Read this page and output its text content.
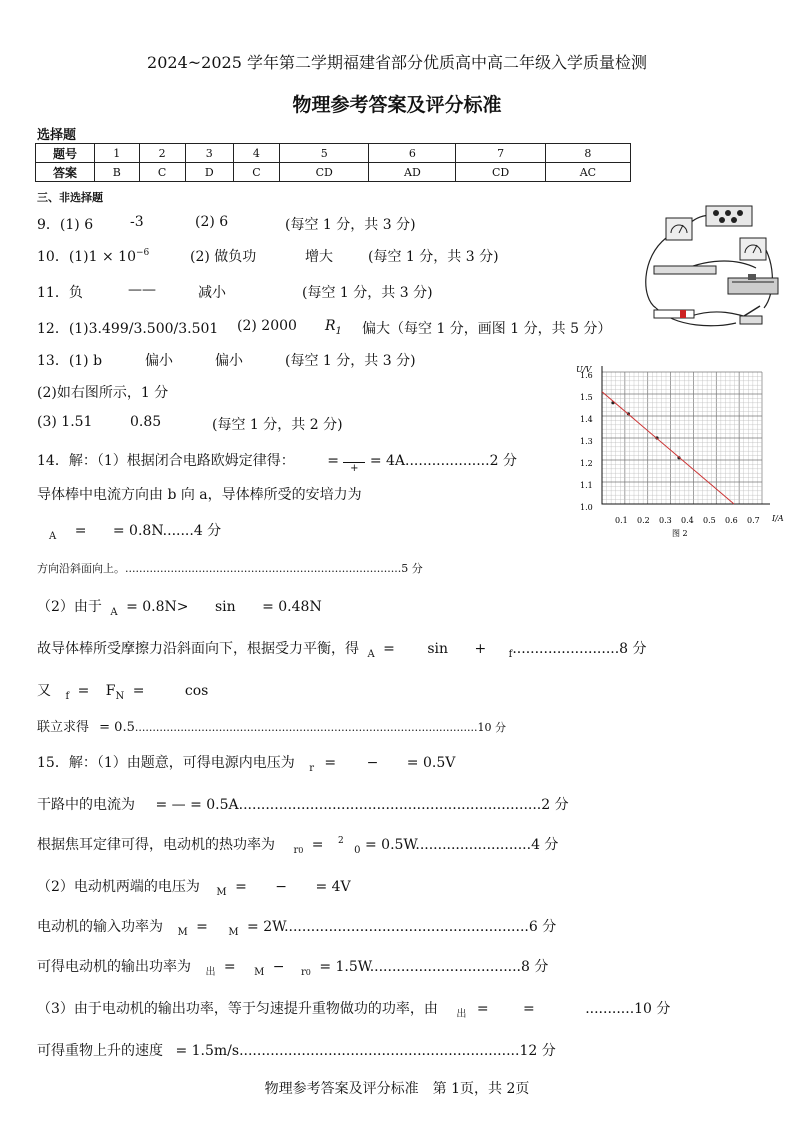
2024~2025 学年第二学期福建省部分优质高中高二年级入学质量检测
物理参考答案及评分标准
选择题
题号	1	2	3	4	5	6	7	8
答案	B	C	D	C	CD	AD	CD	AC
三、非选择题
9．(1) 6	-3	(2) 6	(每空 1 分，共 3 分)
10．$(1)1 \times 10^{-6}$	(2) 做负功	增大	(每空 1 分，共 3 分)
11．负	——	减小	(每空 1 分，共 3 分)
12．(1)3.499/3.500/3.501 (2) 2000 $R_1$ 偏大（每空 1 分，画图 1 分，共 5 分）
13．(1) b	偏小	偏小	(每空 1 分，共 3 分)
(2)如右图所示，1 分
(3) 1.51	0.85	(每空 1 分，共 2 分)
14．解：（1）根据闭合电路欧姆定律得： = + = 4A...................2 分
导体棒中电流方向由 b 向 a，导体棒所受的安培力为
$_A$ = = 0.8N.......4 分
方向沿斜面向上。...............................................................................5 分
（2）由于 $_A$ = 0.8N> sin = 0.48N
故导体棒所受摩擦力沿斜面向下，根据受力平衡，得 $_A$ = sin + $_f$........................8 分
又 $_f = F_N$ =	cos
联立求得 = 0.5..................................................................................................10 分
15．解：（1）由题意，可得电源内电压为 $_r$ = − = 0.5V
干路中的电流为 = — = 0.5A....................................................................2 分
根据焦耳定律可得，电动机的热功率为 $_{r0}$ = $^2$ $_0$ = 0.5W..........................4 分
（2）电动机两端的电压为 $_M$ = − = 4V
电动机的输入功率为 $_M$ = $_M$ = 2W.......................................................6 分
可得电动机的输出功率为 $_出$ = $_M$ − $_{r0}$ = 1.5W..................................8 分
（3）由于电动机的输出功率，等于匀速提升重物做功的功率，由 $_出$ = =	...........10 分
可得重物上升的速度 = 1.5m/s...............................................................12 分
U/V
I/A
1.6
1.5
1.4
1.3
1.2
1.1
1.0
0.1 0.2 0.3 0.4 0.5 0.6 0.7
图 2
物理参考答案及评分标准　第 1页，共 2页
